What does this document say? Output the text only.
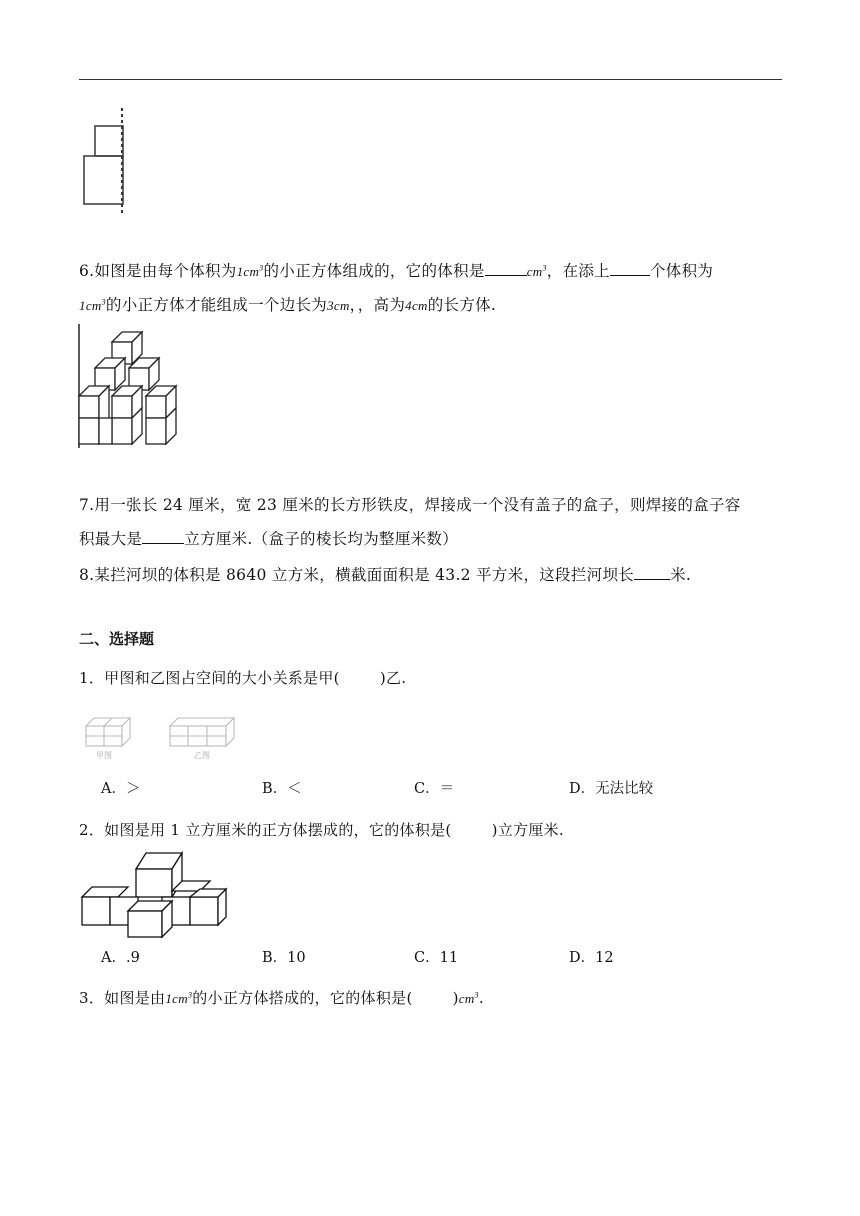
6.如图是由每个体积为$1cm^3$的小正方体组成的，它的体积是	$cm^3$，在添上	个体积为
$1cm^3$的小正方体才能组成一个边长为3cm，，高为4cm的长方体.
7.用一张长 24 厘米，宽 23 厘米的长方形铁皮，焊接成一个没有盖子的盒子，则焊接的盒子容
积最大是	立方厘米.（盒子的棱长均为整厘米数）
8.某拦河坝的体积是 8640 立方米，横截面面积是 43.2 平方米，这段拦河坝长 米.
二、选择题
1．甲图和乙图占空间的大小关系是甲(	)乙.
甲图	乙图
A．＞	B．＜	C．＝	D．无法比较
2．如图是用 1 立方厘米的正方体摆成的，它的体积是(	)立方厘米.
A．.9	B．10	C．11	D．12
3．如图是由$1cm^3$的小正方体搭成的，它的体积是(	)$cm^3$.
